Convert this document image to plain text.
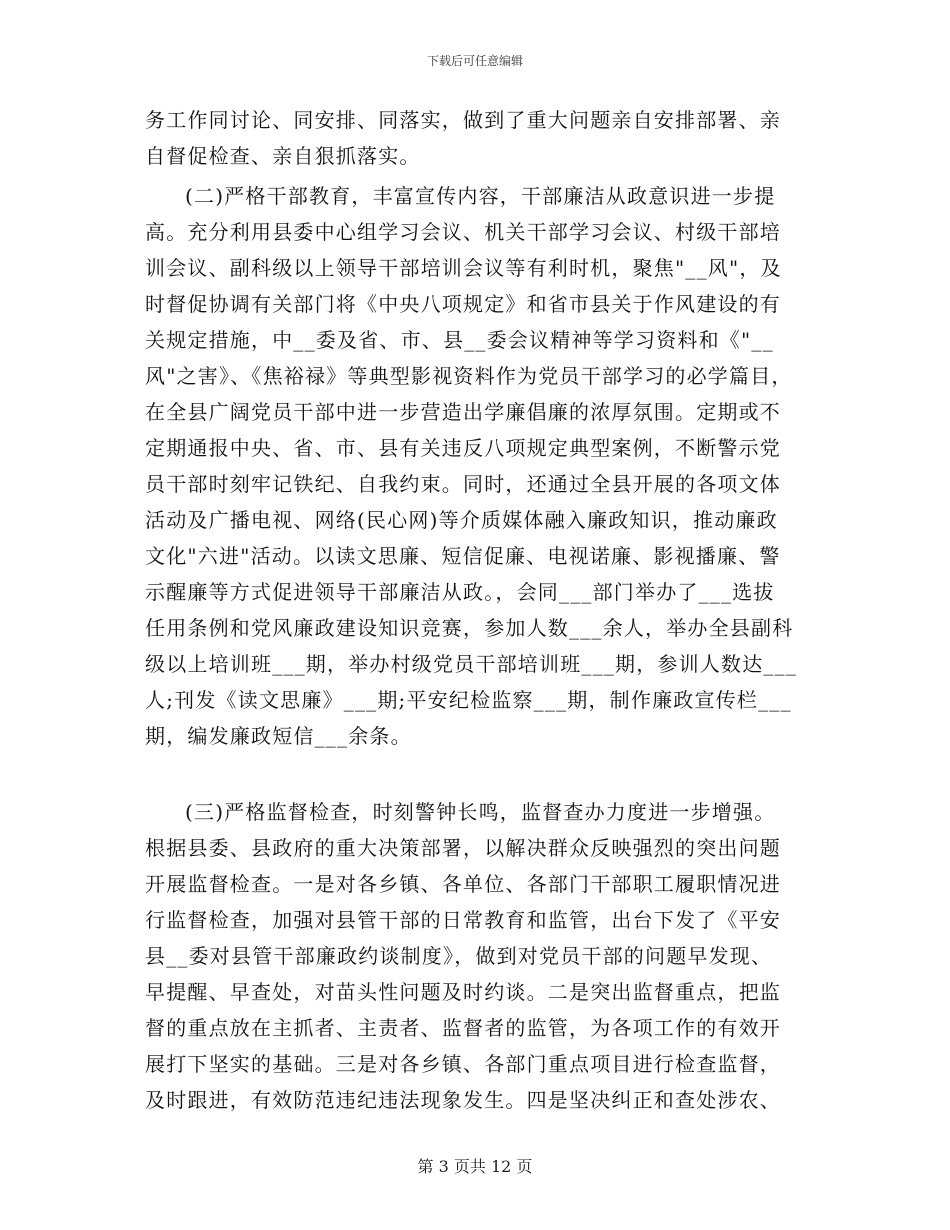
下载后可任意编辑
务工作同讨论、同安排、同落实，做到了重大问题亲自安排部署、亲
自督促检查、亲自狠抓落实。
(二)严格干部教育，丰富宣传内容，干部廉洁从政意识进一步提
高。充分利用县委中心组学习会议、机关干部学习会议、村级干部培
训会议、副科级以上领导干部培训会议等有利时机，聚焦"__风"，及
时督促协调有关部门将《中央八项规定》和省市县关于作风建设的有
关规定措施，中__委及省、市、县__委会议精神等学习资料和《"__
风"之害》、《焦裕禄》等典型影视资料作为党员干部学习的必学篇目，
在全县广阔党员干部中进一步营造出学廉倡廉的浓厚氛围。定期或不
定期通报中央、省、市、县有关违反八项规定典型案例，不断警示党
员干部时刻牢记铁纪、自我约束。同时，还通过全县开展的各项文体
活动及广播电视、网络(民心网)等介质媒体融入廉政知识，推动廉政
文化"六进"活动。以读文思廉、短信促廉、电视诺廉、影视播廉、警
示醒廉等方式促进领导干部廉洁从政。，会同___部门举办了___选拔
任用条例和党风廉政建设知识竞赛，参加人数___余人，举办全县副科
级以上培训班___期，举办村级党员干部培训班___期，参训人数达___
人;刊发《读文思廉》___期;平安纪检监察___期，制作廉政宣传栏___
期，编发廉政短信___余条。
(三)严格监督检查，时刻警钟长鸣，监督查办力度进一步增强。
根据县委、县政府的重大决策部署，以解决群众反映强烈的突出问题
开展监督检查。一是对各乡镇、各单位、各部门干部职工履职情况进
行监督检查，加强对县管干部的日常教育和监管，出台下发了《平安
县__委对县管干部廉政约谈制度》，做到对党员干部的问题早发现、
早提醒、早查处，对苗头性问题及时约谈。二是突出监督重点，把监
督的重点放在主抓者、主责者、监督者的监管，为各项工作的有效开
展打下坚实的基础。三是对各乡镇、各部门重点项目进行检查监督，
及时跟进，有效防范违纪违法现象发生。四是坚决纠正和查处涉农、
第 3 页共 12 页
